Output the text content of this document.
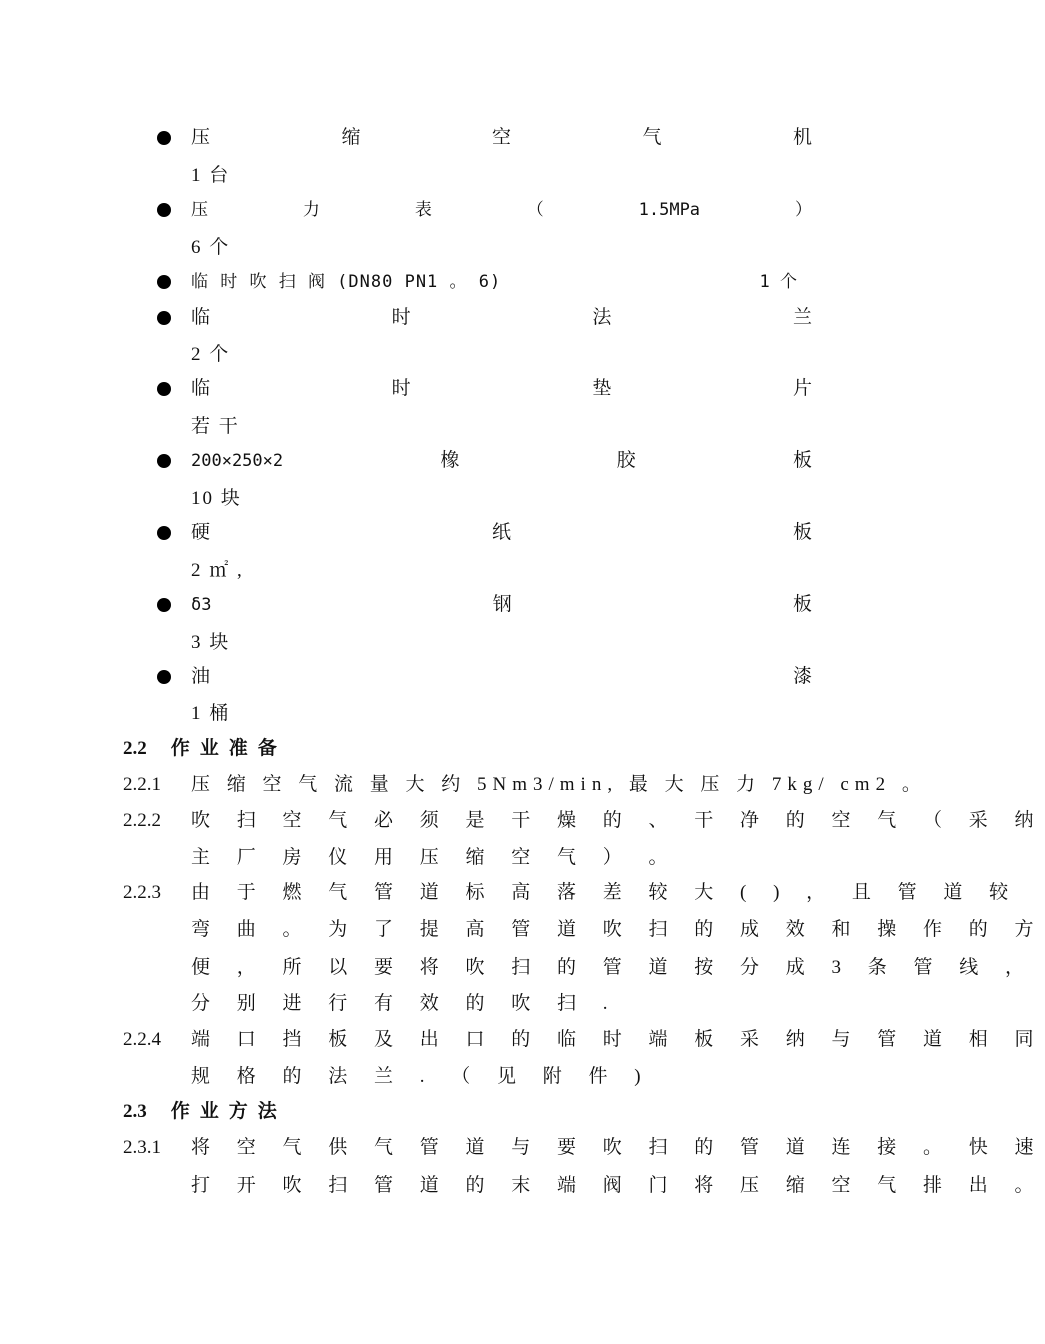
压	缩	空	气	机
1 台
压	力	表	（	1.5MPa	）
6 个
临 时 吹 扫 阀 (DN80 PN1 。 6)	1 个
临	时	法	兰
2 个
临	时	垫	片
若 干
200×250×2	橡	胶	板
10 块
硬	纸	板
2 ㎡ ,
δ3	钢	板
3 块
油	漆
1 桶
2.2 作业准备
2.2.1 压 缩 空 气 流 量 大 约 5Nm3/min, 最 大 压 力 7kg/ cm2 。
2.2.2 吹 扫 空 气 必 须 是 干 燥 的 、 干 净 的 空 气 （ 采 纳
主 厂 房 仪 用 压 缩 空 气 ） 。
2.2.3 由 于 燃 气 管 道 标 高 落 差 较 大 ( ) ， 且 管 道 较
弯 曲 。 为 了 提 高 管 道 吹 扫 的 成 效 和 操 作 的 方
便 ， 所 以 要 将 吹 扫 的 管 道 按 分 成 3 条 管 线 ，
分 别 进 行 有 效 的 吹 扫 .
2.2.4 端 口 挡 板 及 出 口 的 临 时 端 板 采 纳 与 管 道 相 同
规 格 的 法 兰 . （ 见 附 件 )
2.3 作业方法
2.3.1 将 空 气 供 气 管 道 与 要 吹 扫 的 管 道 连 接 。 快 速
打 开 吹 扫 管 道 的 末 端 阀 门 将 压 缩 空 气 排 出 。
